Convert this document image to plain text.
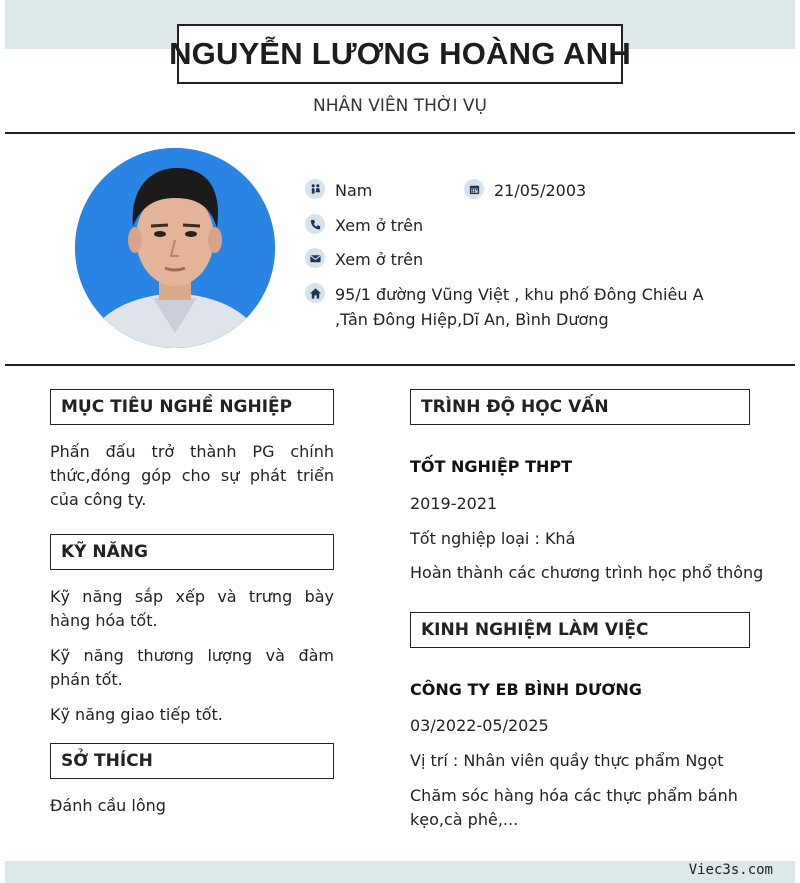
NGUYỄN LƯƠNG HOÀNG ANH
NHÂN VIÊN THỜI VỤ
Nam	21/05/2003
Xem ở trên
Xem ở trên
95/1 đường Vũng Việt , khu phố Đông Chiêu A
,Tân Đông Hiệp,Dĩ An, Bình Dương
MỤC TIÊU NGHỀ NGHIỆP
Phấn đấu trở thành PG chính thức,đóng góp cho sự phát triển của công ty.
KỸ NĂNG
Kỹ năng sắp xếp và trưng bày hàng hóa tốt.
Kỹ năng thương lượng và đàm phán tốt.
Kỹ năng giao tiếp tốt.
SỞ THÍCH
Đánh cầu lông
TRÌNH ĐỘ HỌC VẤN
TỐT NGHIỆP THPT
2019-2021
Tốt nghiệp loại : Khá
Hoàn thành các chương trình học phổ thông
KINH NGHIỆM LÀM VIỆC
CÔNG TY EB BÌNH DƯƠNG
03/2022-05/2025
Vị trí : Nhân viên quầy thực phẩm Ngọt
Chăm sóc hàng hóa các thực phẩm bánh kẹo,cà phê,...
Viec3s.com
